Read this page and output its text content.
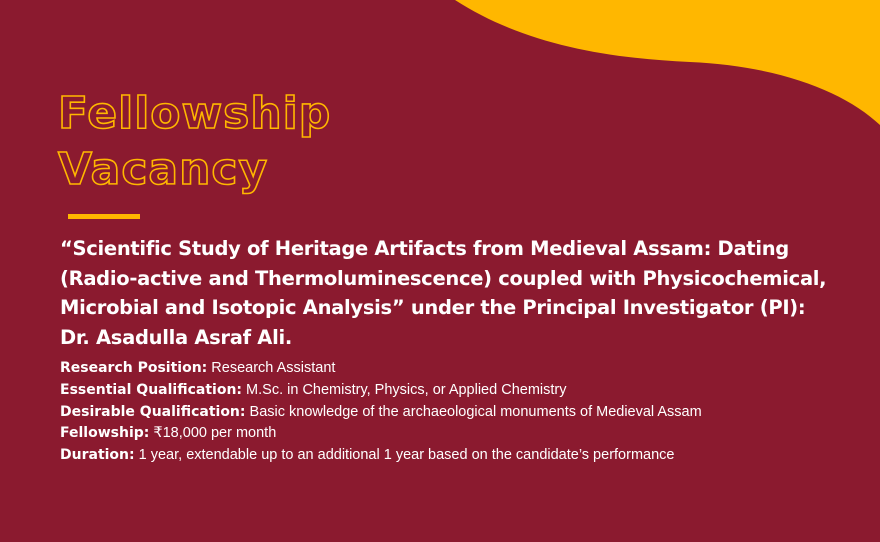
Fellowship
Vacancy

“Scientific Study of Heritage Artifacts from Medieval Assam: Dating (Radio-active and Thermoluminescence) coupled with Physicochemical, Microbial and Isotopic Analysis” under the Principal Investigator (PI): Dr. Asadulla Asraf Ali.

Research Position: Research Assistant
Essential Qualification: M.Sc. in Chemistry, Physics, or Applied Chemistry
Desirable Qualification: Basic knowledge of the archaeological monuments of Medieval Assam
Fellowship: ₹18,000 per month
Duration: 1 year, extendable up to an additional 1 year based on the candidate’s performance
